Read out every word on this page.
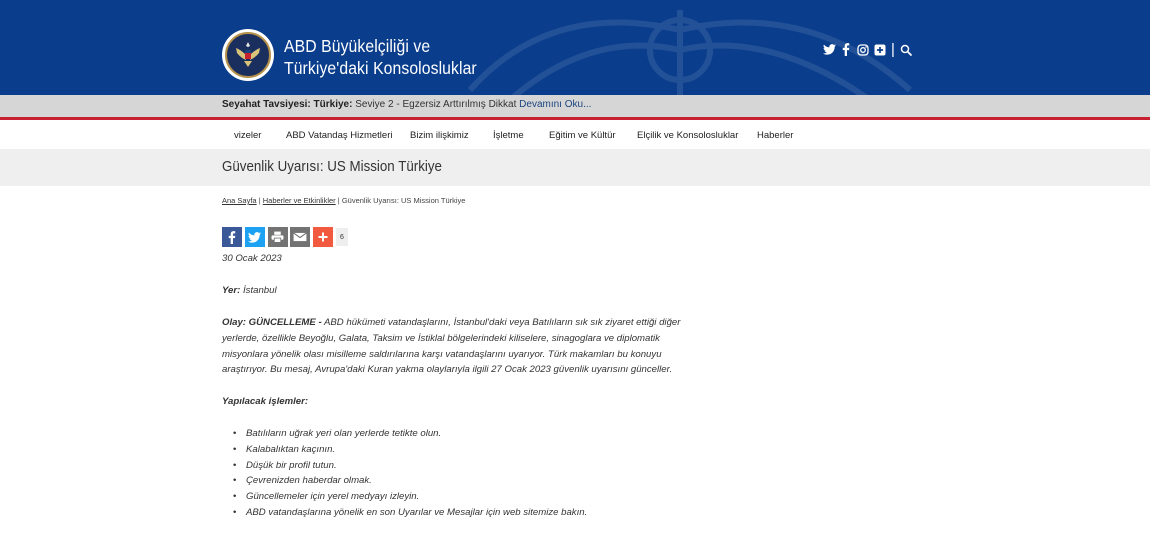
ABD Büyükelçiliği ve
Türkiye'daki Konsolosluklar
|
Seyahat Tavsiyesi: Türkiye: Seviye 2 - Egzersiz Arttırılmış Dikkat Devamını Oku...
vizeler	ABD Vatandaş Hizmetleri Bizim ilişkimiz	İşletme	Eğitim ve Kültür Elçilik ve Konsolosluklar Haberler
Güvenlik Uyarısı: US Mission Türkiye
Ana Sayfa | Haberler ve Etkinlikler | Güvenlik Uyarısı: US Mission Türkiye
6

30 Ocak 2023

Yer: İstanbul

Olay: GÜNCELLEME - ABD hükümeti vatandaşlarını, İstanbul'daki veya Batılıların sık sık ziyaret ettiği diğer
yerlerde, özellikle Beyoğlu, Galata, Taksim ve İstiklal bölgelerindeki kiliselere, sinagoglara ve diplomatik
misyonlara yönelik olası misilleme saldırılarına karşı vatandaşlarını uyarıyor. Türk makamları bu konuyu
araştırıyor. Bu mesaj, Avrupa'daki Kuran yakma olaylarıyla ilgili 27 Ocak 2023 güvenlik uyarısını günceller.

Yapılacak işlemler:

• Batılıların uğrak yeri olan yerlerde tetikte olun.
• Kalabalıktan kaçının.
• Düşük bir profil tutun.
• Çevrenizden haberdar olmak.
• Güncellemeler için yerel medyayı izleyin.
• ABD vatandaşlarına yönelik en son Uyarılar ve Mesajlar için web sitemize bakın.
